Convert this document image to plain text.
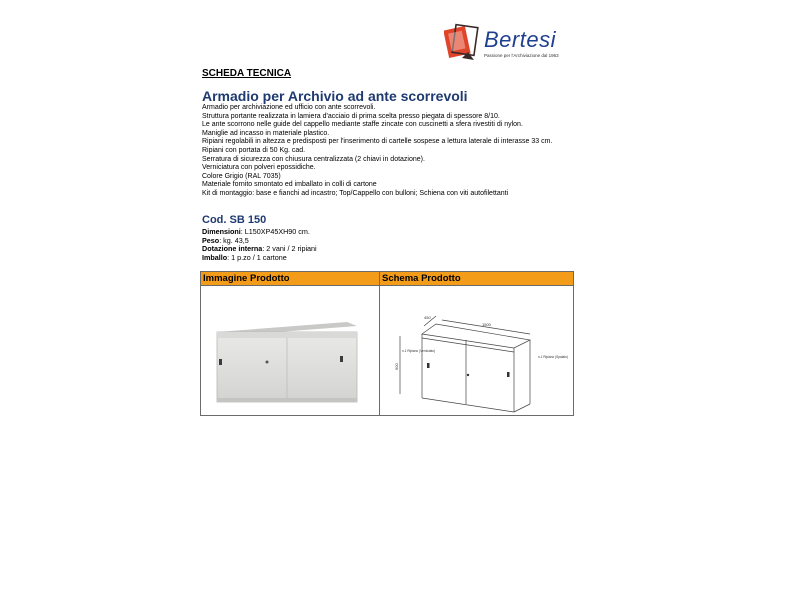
Bertesi
Passione per l'Archiviazione dal 1963
SCHEDA TECNICA
Armadio per Archivio ad ante scorrevoli
Armadio per archiviazione ed ufficio con ante scorrevoli.
Struttura portante realizzata in lamiera d'acciaio di prima scelta presso piegata di spessore 8/10.
Le ante scorrono nelle guide del cappello mediante staffe zincate con cuscinetti a sfera rivestiti di nylon.
Maniglie ad incasso in materiale plastico.
Ripiani regolabili in altezza e predisposti per l'inserimento di cartelle sospese a lettura laterale di interasse 33 cm.
Ripiani con portata di 50 Kg. cad.
Serratura di sicurezza con chiusura centralizzata (2 chiavi in dotazione).
Verniciatura con polveri epossidiche.
Colore Grigio (RAL 7035)
Materiale fornito smontato ed imballato in colli di cartone
Kit di montaggio: base e fianchi ad incastro; Top/Cappello con bulloni; Schiena con viti autofilettanti
Cod. SB 150
Dimensioni: L150XP45XH90 cm.
Peso: kg. 43,5
Dotazione interna: 2 vani / 2 ripiani
Imballo: 1 p.zo / 1 cartone
Immagine Prodotto	Schema Prodotto
450
1500
900
n.1 Ripiano (Verniciato)
n.1 Ripiano (Spalato)
